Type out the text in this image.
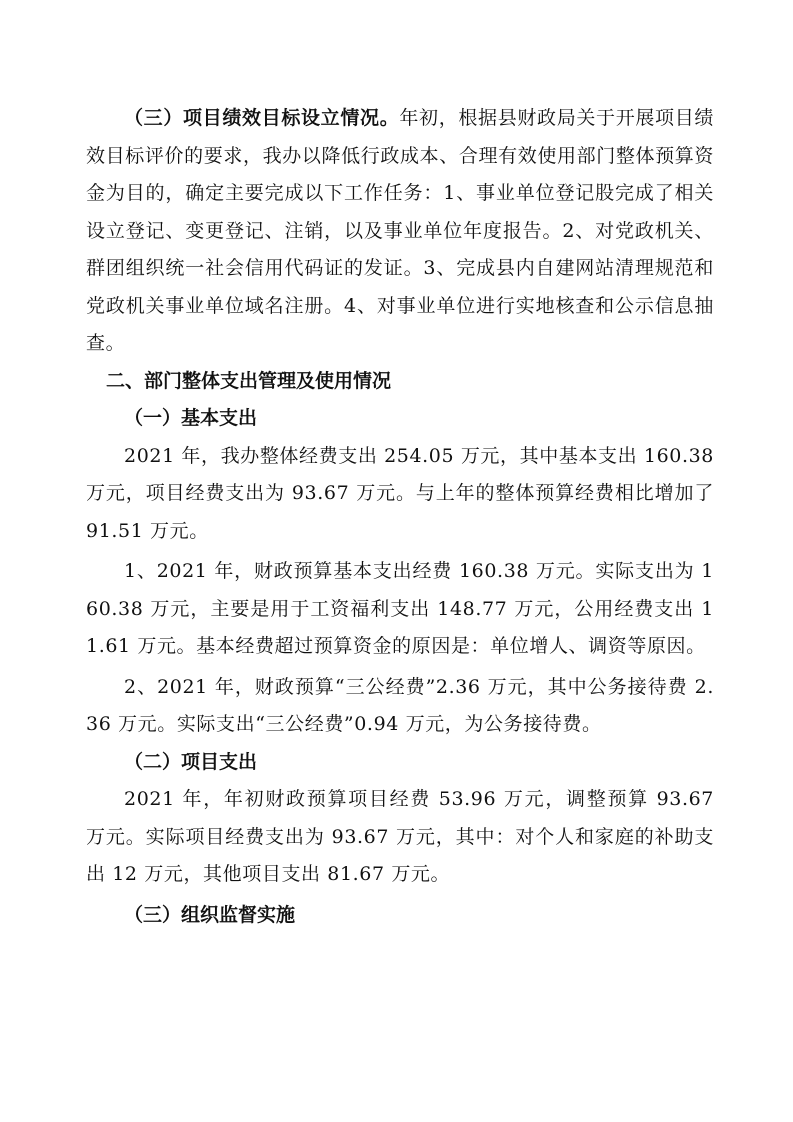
（三）项目绩效目标设立情况。年初，根据县财政局关于开展项目绩效目标评价的要求，我办以降低行政成本、合理有效使用部门整体预算资金为目的，确定主要完成以下工作任务：1、事业单位登记股完成了相关设立登记、变更登记、注销，以及事业单位年度报告。2、对党政机关、群团组织统一社会信用代码证的发证。3、完成县内自建网站清理规范和党政机关事业单位域名注册。4、对事业单位进行实地核查和公示信息抽查。

二、部门整体支出管理及使用情况

（一）基本支出

2021 年，我办整体经费支出 254.05 万元，其中基本支出 160.38 万元，项目经费支出为 93.67 万元。与上年的整体预算经费相比增加了 91.51 万元。

1、2021 年，财政预算基本支出经费 160.38 万元。实际支出为 160.38 万元，主要是用于工资福利支出 148.77 万元，公用经费支出 11.61 万元。基本经费超过预算资金的原因是：单位增人、调资等原因。

2、2021 年，财政预算“三公经费”2.36 万元，其中公务接待费 2.36 万元。实际支出“三公经费”0.94 万元，为公务接待费。

（二）项目支出

2021 年，年初财政预算项目经费 53.96 万元，调整预算 93.67 万元。实际项目经费支出为 93.67 万元，其中：对个人和家庭的补助支出 12 万元，其他项目支出 81.67 万元。

（三）组织监督实施
